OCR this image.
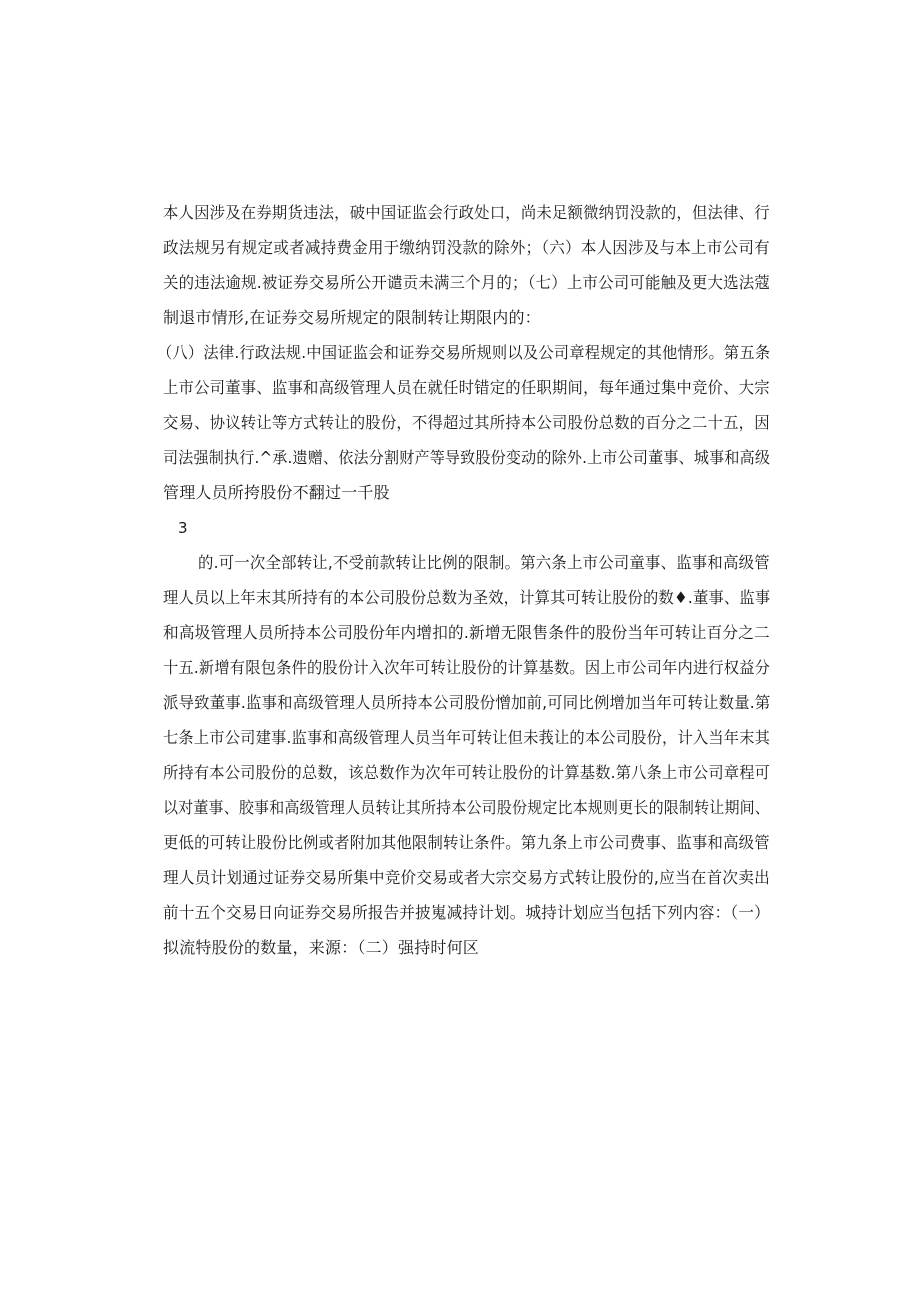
本人因涉及在券期货违法，破中国证监会行政处口，尚未足额微纳罚没款的，但法律、行
政法规另有规定或者减持费金用于缴纳罚没款的除外；（六）本人因涉及与本上市公司有
关的违法逾规.被证券交易所公开谴贡未满三个月的；（七）上市公司可能触及更大选法蔻
制退市情形,在证券交易所规定的限制转让期限内的：
（八）法律.行政法规.中国证监会和证券交易所规则以及公司章程规定的其他情形。第五条
上市公司董事、监事和高级管理人员在就任时错定的任职期间，每年通过集中竞价、大宗
交易、协议转让等方式转让的股份，不得超过其所持本公司股份总数的百分之二十五，因
司法强制执行.^承.遗赠、依法分割财产等导致股份变动的除外.上市公司董事、城事和高级
管理人员所挎股份不翻过一千股
3
的.可一次全部转让,不受前款转让比例的限制。第六条上市公司童事、监事和高级管
理人员以上年末其所持有的本公司股份总数为圣效，计算其可转让股份的数♦.董事、监事
和高圾管理人员所持本公司股份年内增扣的.新增无限售条件的股份当年可转让百分之二
十五.新增有限包条件的股份计入次年可转让股份的计算基数。因上市公司年内进行权益分
派导致董事.监事和高级管理人员所持本公司股份憎加前,可同比例增加当年可转让数量.第
七条上市公司建事.监事和高级管理人员当年可转让但未莪让的本公司股份，计入当年末其
所持有本公司股份的总数，该总数作为次年可转让股份的计算基数.第八条上市公司章程可
以对董事、胶事和高级管理人员转让其所持本公司股份规定比本规则更长的限制转让期间、
更低的可转让股份比例或者附加其他限制转让条件。第九条上市公司费事、监事和高级管
理人员计划通过证券交易所集中竞价交易或者大宗交易方式转让股份的,应当在首次卖出
前十五个交易日向证券交易所报告并披嵬减持计划。城持计划应当包括下列内容：（一）
拟流特股份的数量，来源：（二）强持时何区
